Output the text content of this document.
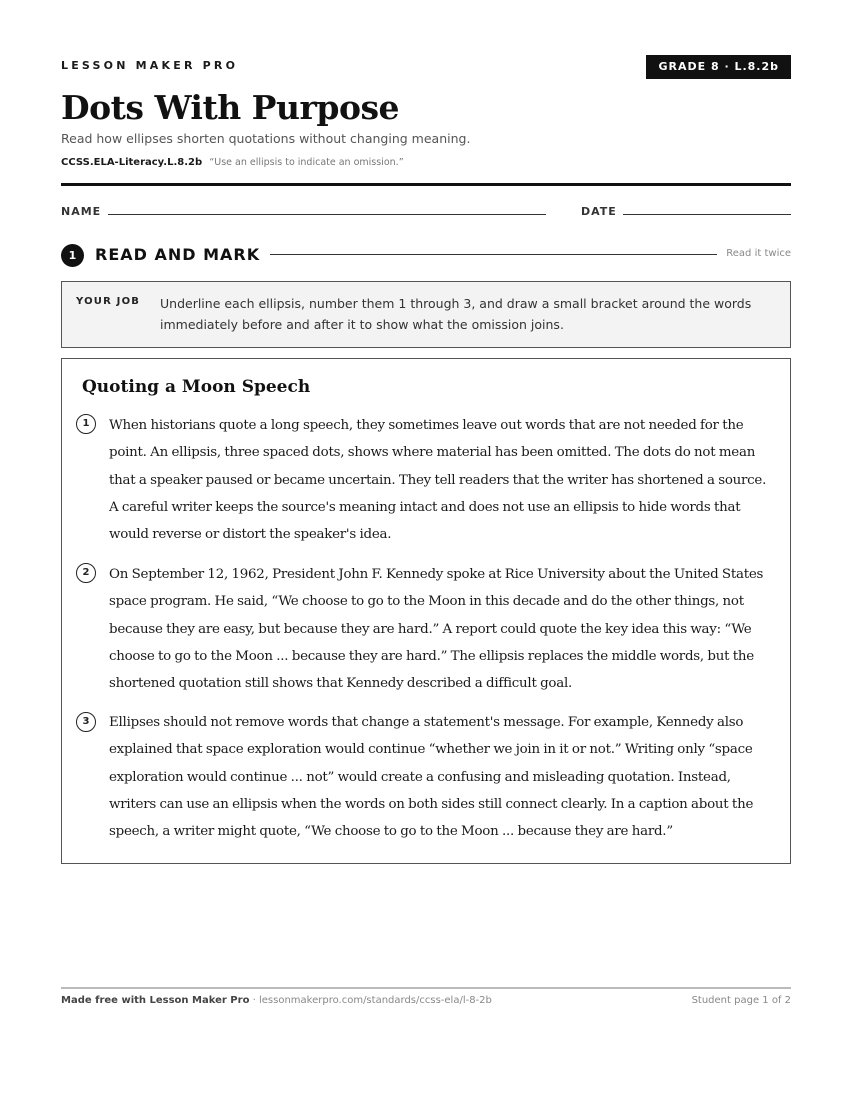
LESSON MAKER PRO	GRADE 8 · L.8.2b
Dots With Purpose
Read how ellipses shorten quotations without changing meaning.
CCSS.ELA-Literacy.L.8.2b “Use an ellipsis to indicate an omission.”
NAME	DATE
1	READ AND MARK	Read it twice
YOUR JOB Underline each ellipsis, number them 1 through 3, and draw a small bracket around the words immediately before and after it to show what the omission joins.
Quoting a Moon Speech
1	When historians quote a long speech, they sometimes leave out words that are not needed for the point. An ellipsis, three spaced dots, shows where material has been omitted. The dots do not mean that a speaker paused or became uncertain. They tell readers that the writer has shortened a source. A careful writer keeps the source's meaning intact and does not use an ellipsis to hide words that would reverse or distort the speaker's idea.
2	On September 12, 1962, President John F. Kennedy spoke at Rice University about the United States space program. He said, “We choose to go to the Moon in this decade and do the other things, not because they are easy, but because they are hard.” A report could quote the key idea this way: “We choose to go to the Moon ... because they are hard.” The ellipsis replaces the middle words, but the shortened quotation still shows that Kennedy described a difficult goal.
3	Ellipses should not remove words that change a statement's message. For example, Kennedy also explained that space exploration would continue “whether we join in it or not.” Writing only “space exploration would continue ... not” would create a confusing and misleading quotation. Instead, writers can use an ellipsis when the words on both sides still connect clearly. In a caption about the speech, a writer might quote, “We choose to go to the Moon ... because they are hard.”
Made free with Lesson Maker Pro · lessonmakerpro.com/standards/ccss-ela/l-8-2b	Student page 1 of 2
